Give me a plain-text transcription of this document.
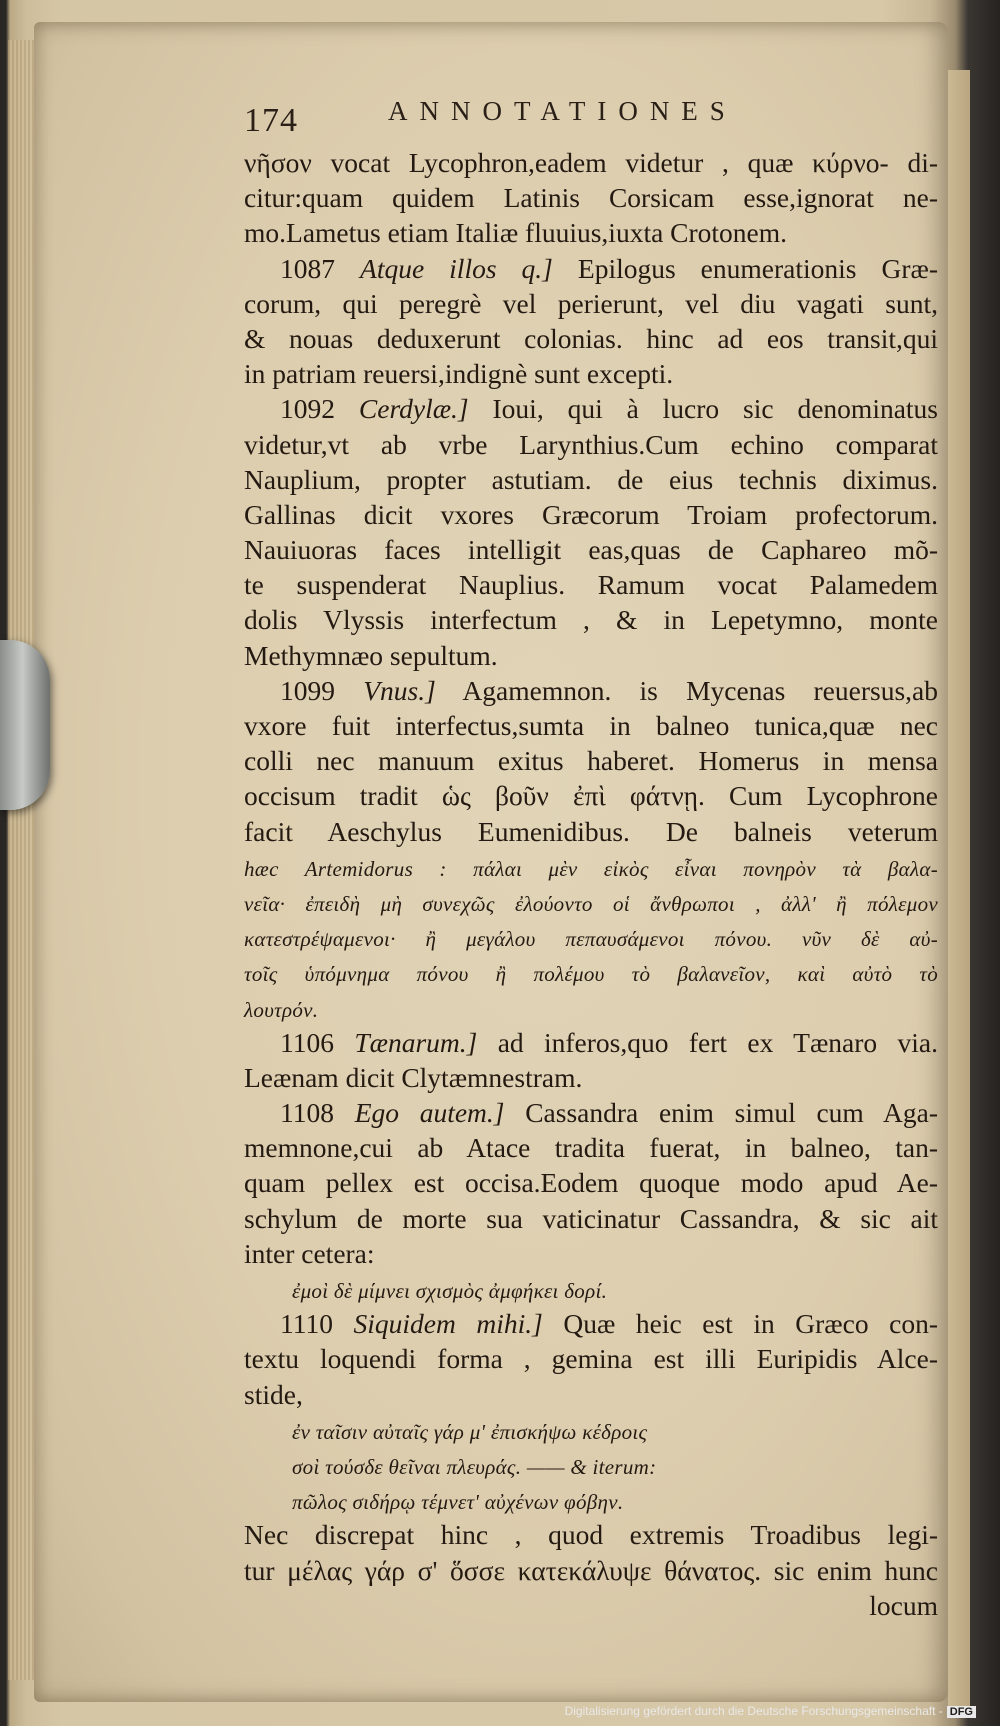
174	ANNOTATIONES
νῆσον vocat Lycophron,eadem videtur , quæ κύρνο- di-
citur:quam quidem Latinis Corsicam esse,ignorat ne-
mo.Lametus etiam Italiæ fluuius,iuxta Crotonem.
1087 Atque illos q.] Epilogus enumerationis Græ-
corum, qui peregrè vel perierunt, vel diu vagati sunt,
& nouas deduxerunt colonias. hinc ad eos transit,qui
in patriam reuersi,indignè sunt excepti.
1092 Cerdylæ.] Ioui, qui à lucro sic denominatus
videtur,vt ab vrbe Larynthius.Cum echino comparat
Nauplium, propter astutiam. de eius technis diximus.
Gallinas dicit vxores Græcorum Troiam profectorum.
Nauiuoras faces intelligit eas,quas de Caphareo mõ-
te suspenderat Nauplius. Ramum vocat Palamedem
dolis Vlyssis interfectum , & in Lepetymno, monte
Methymnæo sepultum.
1099 Vnus.] Agamemnon. is Mycenas reuersus,ab
vxore fuit interfectus,sumta in balneo tunica,quæ nec
colli nec manuum exitus haberet. Homerus in mensa
occisum tradit ὡς βοῦν ἐπὶ φάτνῃ. Cum Lycophrone
facit Aeschylus Eumenidibus. De balneis veterum
hæc Artemidorus : πάλαι μὲν εἰκὸς εἶναι πονηρὸν τὰ βαλα-
νεῖα· ἐπειδὴ μὴ συνεχῶς ἐλούοντο οἱ ἄνθρωποι , ἀλλ' ἢ πόλεμον
κατεστρέψαμενοι· ἢ μεγάλου πεπαυσάμενοι πόνου. νῦν δὲ αὐ-
τοῖς ὑπόμνημα πόνου ἢ πολέμου τὸ βαλανεῖον, καὶ αὐτὸ τὸ
λουτρόν.
1106 Tænarum.] ad inferos,quo fert ex Tænaro via.
Leænam dicit Clytæmnestram.
1108 Ego autem.] Cassandra enim simul cum Aga-
memnone,cui ab Atace tradita fuerat, in balneo, tan-
quam pellex est occisa.Eodem quoque modo apud Ae-
schylum de morte sua vaticinatur Cassandra, & sic ait
inter cetera:
ἐμοὶ δὲ μίμνει σχισμὸς ἀμφήκει δορί.
1110 Siquidem mihi.] Quæ heic est in Græco con-
textu loquendi forma , gemina est illi Euripidis Alce-
stide,
ἐν ταῖσιν αὐταῖς γάρ μ' ἐπισκήψω κέδροις
σοὶ τούσδε θεῖναι πλευράς. —— & iterum:
πῶλος σιδήρῳ τέμνετ' αὐχένων φόβην.
Nec discrepat hinc , quod extremis Troadibus legi-
tur μέλας γάρ σ' ὅσσε κατεκάλυψε θάνατος. sic enim hunc
locum
Digitalisierung gefördert durch die Deutsche Forschungsgemeinschaft - DFG
